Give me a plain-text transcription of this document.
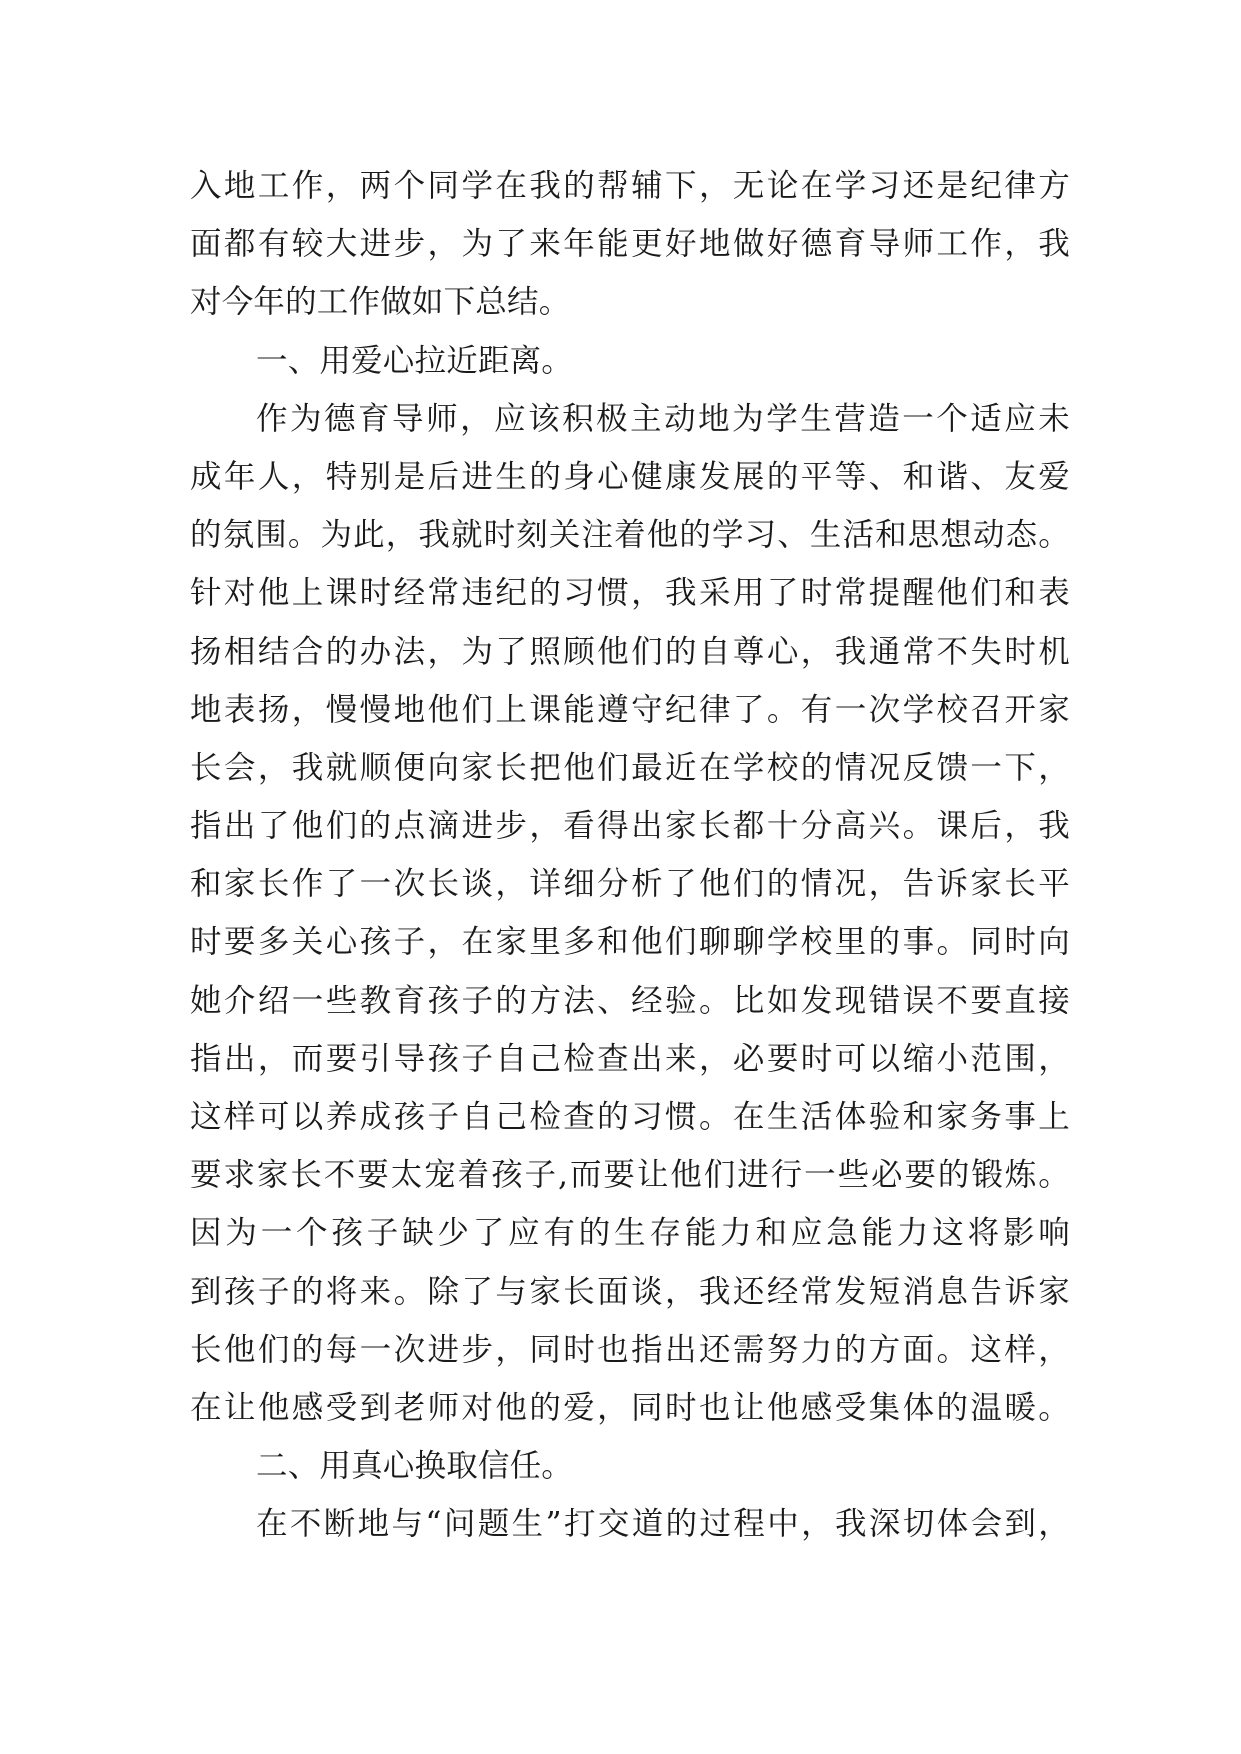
入地工作，两个同学在我的帮辅下，无论在学习还是纪律方
面都有较大进步，为了来年能更好地做好德育导师工作，我
对今年的工作做如下总结。
一、用爱心拉近距离。
作为德育导师，应该积极主动地为学生营造一个适应未
成年人，特别是后进生的身心健康发展的平等、和谐、友爱
的氛围。为此，我就时刻关注着他的学习、生活和思想动态。
针对他上课时经常违纪的习惯，我采用了时常提醒他们和表
扬相结合的办法，为了照顾他们的自尊心，我通常不失时机
地表扬，慢慢地他们上课能遵守纪律了。有一次学校召开家
长会，我就顺便向家长把他们最近在学校的情况反馈一下，
指出了他们的点滴进步，看得出家长都十分高兴。课后，我
和家长作了一次长谈，详细分析了他们的情况，告诉家长平
时要多关心孩子，在家里多和他们聊聊学校里的事。同时向
她介绍一些教育孩子的方法、经验。比如发现错误不要直接
指出，而要引导孩子自己检查出来，必要时可以缩小范围，
这样可以养成孩子自己检查的习惯。在生活体验和家务事上
要求家长不要太宠着孩子,而要让他们进行一些必要的锻炼。
因为一个孩子缺少了应有的生存能力和应急能力这将影响
到孩子的将来。除了与家长面谈，我还经常发短消息告诉家
长他们的每一次进步，同时也指出还需努力的方面。这样，
在让他感受到老师对他的爱，同时也让他感受集体的温暖。
二、用真心换取信任。
在不断地与“问题生”打交道的过程中，我深切体会到，
